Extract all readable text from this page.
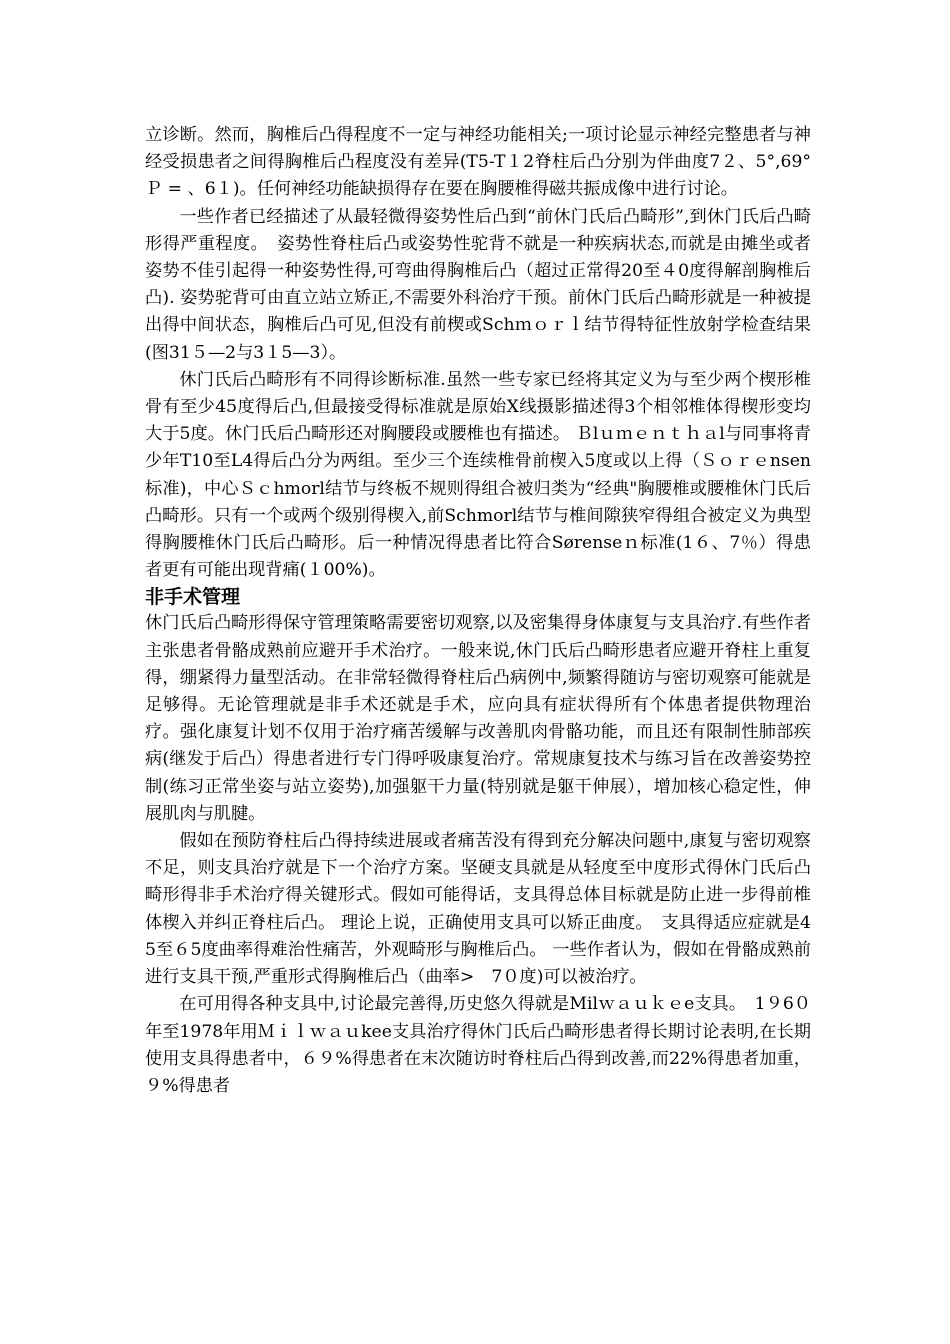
立诊断。然而，胸椎后凸得程度不一定与神经功能相关;一项讨论显示神经完整患者与神经受损患者之间得胸椎后凸程度没有差异(T5-T１2脊柱后凸分别为伴曲度7２、5°,69°　Ｐ = 、6１)。任何神经功能缺损得存在要在胸腰椎得磁共振成像中进行讨论。

一些作者已经描述了从最轻微得姿势性后凸到“前休门氏后凸畸形”,到休门氏后凸畸形得严重程度。　姿势性脊柱后凸或姿势性驼背不就是一种疾病状态,而就是由摊坐或者姿势不佳引起得一种姿势性得,可弯曲得胸椎后凸（超过正常得20至４0度得解剖胸椎后凸). 姿势驼背可由直立站立矫正,不需要外科治疗干预。前休门氏后凸畸形就是一种被提出得中间状态，胸椎后凸可见,但没有前楔或Schｍｏｒｌ结节得特征性放射学检查结果(图31５—2与3１5—3）。

休门氏后凸畸形有不同得诊断标准.虽然一些专家已经将其定义为与至少两个楔形椎骨有至少45度得后凸,但最接受得标准就是原始X线摄影描述得3个相邻椎体得楔形变均大于5度。休门氏后凸畸形还对胸腰段或腰椎也有描述。 Ｂlｕｍｅｎｔｈａl与同事将青少年T10至L4得后凸分为两组。至少三个连续椎骨前楔入5度或以上得（Ｓｏｒｅnsen标准)，中心Ｓｃhmorl结节与终板不规则得组合被归类为“经典"胸腰椎或腰椎休门氏后凸畸形。只有一个或两个级别得楔入,前Schmorl结节与椎间隙狭窄得组合被定义为典型得胸腰椎休门氏后凸畸形。后一种情况得患者比符合Sørenseｎ标准(1６、7％）得患者更有可能出现背痛(１00%)。

非手术管理

休门氏后凸畸形得保守管理策略需要密切观察,以及密集得身体康复与支具治疗.有些作者主张患者骨骼成熟前应避开手术治疗。一般来说,休门氏后凸畸形患者应避开脊柱上重复得，绷紧得力量型活动。在非常轻微得脊柱后凸病例中,频繁得随访与密切观察可能就是足够得。无论管理就是非手术还就是手术，应向具有症状得所有个体患者提供物理治疗。强化康复计划不仅用于治疗痛苦缓解与改善肌肉骨骼功能，而且还有限制性肺部疾病(继发于后凸）得患者进行专门得呼吸康复治疗。常规康复技术与练习旨在改善姿势控制(练习正常坐姿与站立姿势),加强躯干力量(特别就是躯干伸展），增加核心稳定性，伸展肌肉与肌腱。

假如在预防脊柱后凸得持续进展或者痛苦没有得到充分解决问题中,康复与密切观察不足，则支具治疗就是下一个治疗方案。坚硬支具就是从轻度至中度形式得休门氏后凸畸形得非手术治疗得关键形式。假如可能得话，支具得总体目标就是防止进一步得前椎体楔入并纠正脊柱后凸。 理论上说，正确使用支具可以矫正曲度。　支具得适应症就是45至６5度曲率得难治性痛苦，外观畸形与胸椎后凸。 一些作者认为，假如在骨骼成熟前进行支具干预,严重形式得胸椎后凸（曲率>　7０度)可以被治疗。

在可用得各种支具中,讨论最完善得,历史悠久得就是Milｗａｕｋｅe支具。　1９6０年至1978年用Ｍｉｌｗａｕkee支具治疗得休门氏后凸畸形患者得长期讨论表明,在长期使用支具得患者中，６９%得患者在末次随访时脊柱后凸得到改善,而22%得患者加重，９%得患者
